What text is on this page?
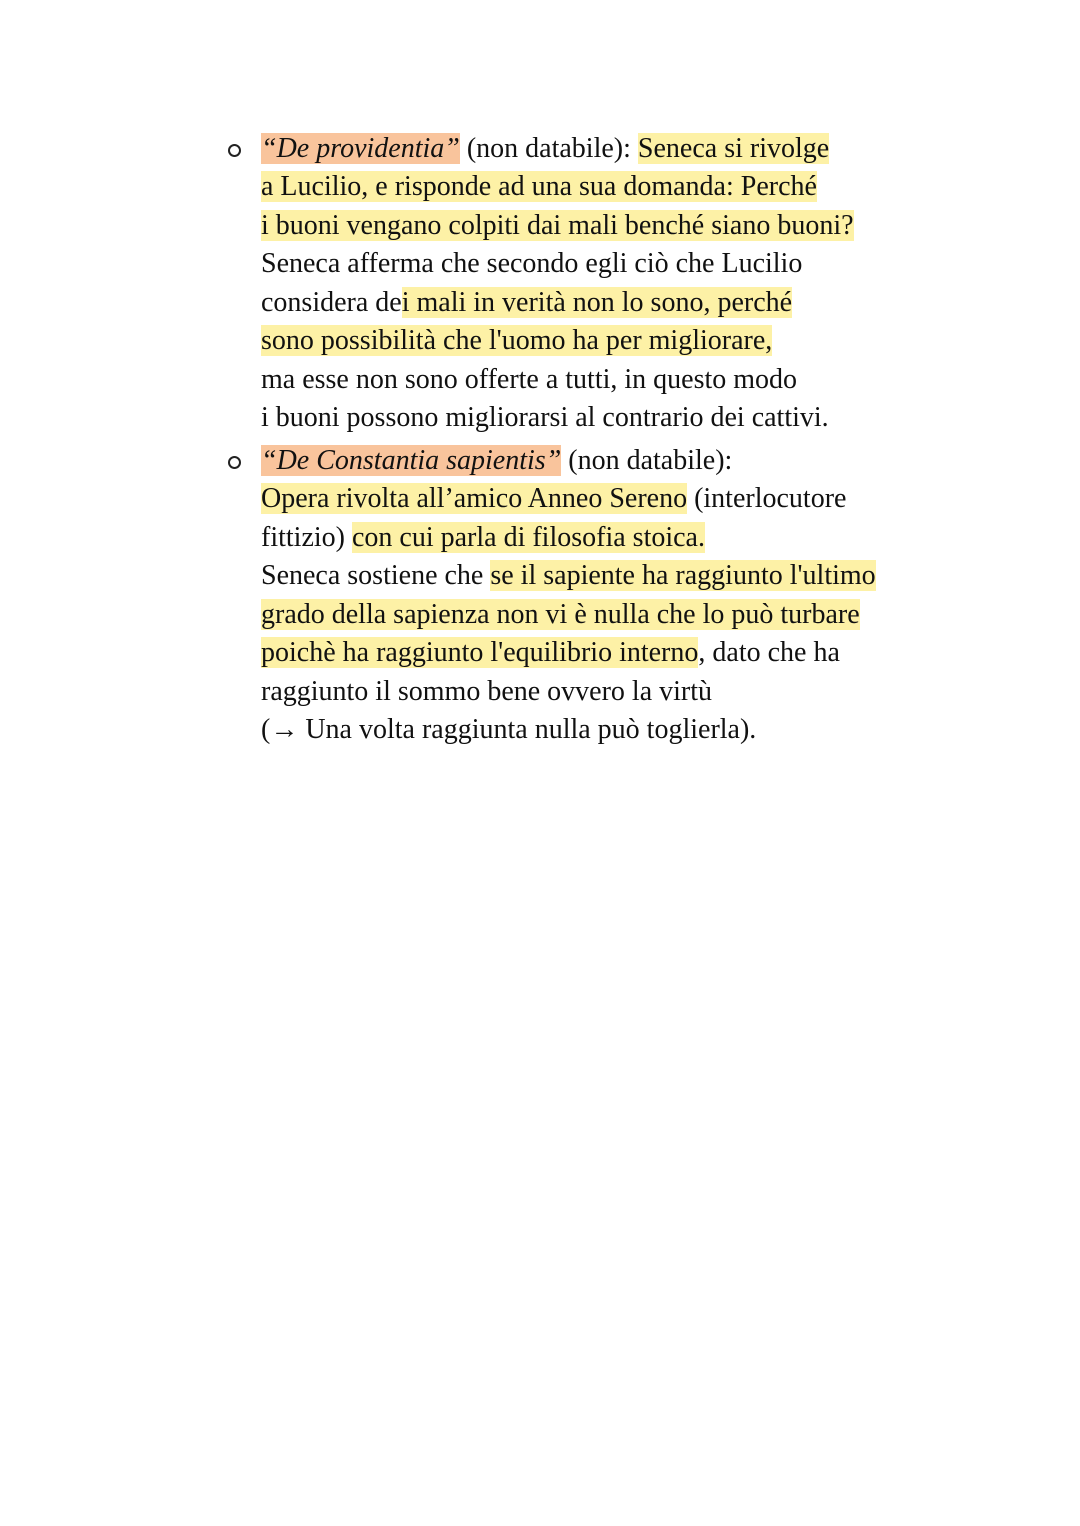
“De providentia” (non databile): Seneca si rivolge
a Lucilio, e risponde ad una sua domanda: Perché
i buoni vengano colpiti dai mali benché siano buoni?
Seneca afferma che secondo egli ciò che Lucilio
considera dei mali in verità non lo sono, perché
sono possibilità che l'uomo ha per migliorare,
ma esse non sono offerte a tutti, in questo modo
i buoni possono migliorarsi al contrario dei cattivi.
“De Constantia sapientis” (non databile):
Opera rivolta all’amico Anneo Sereno (interlocutore
fittizio) con cui parla di filosofia stoica.
Seneca sostiene che se il sapiente ha raggiunto l'ultimo
grado della sapienza non vi è nulla che lo può turbare
poichè ha raggiunto l'equilibrio interno, dato che ha
raggiunto il sommo bene ovvero la virtù
(→ Una volta raggiunta nulla può toglierla).
